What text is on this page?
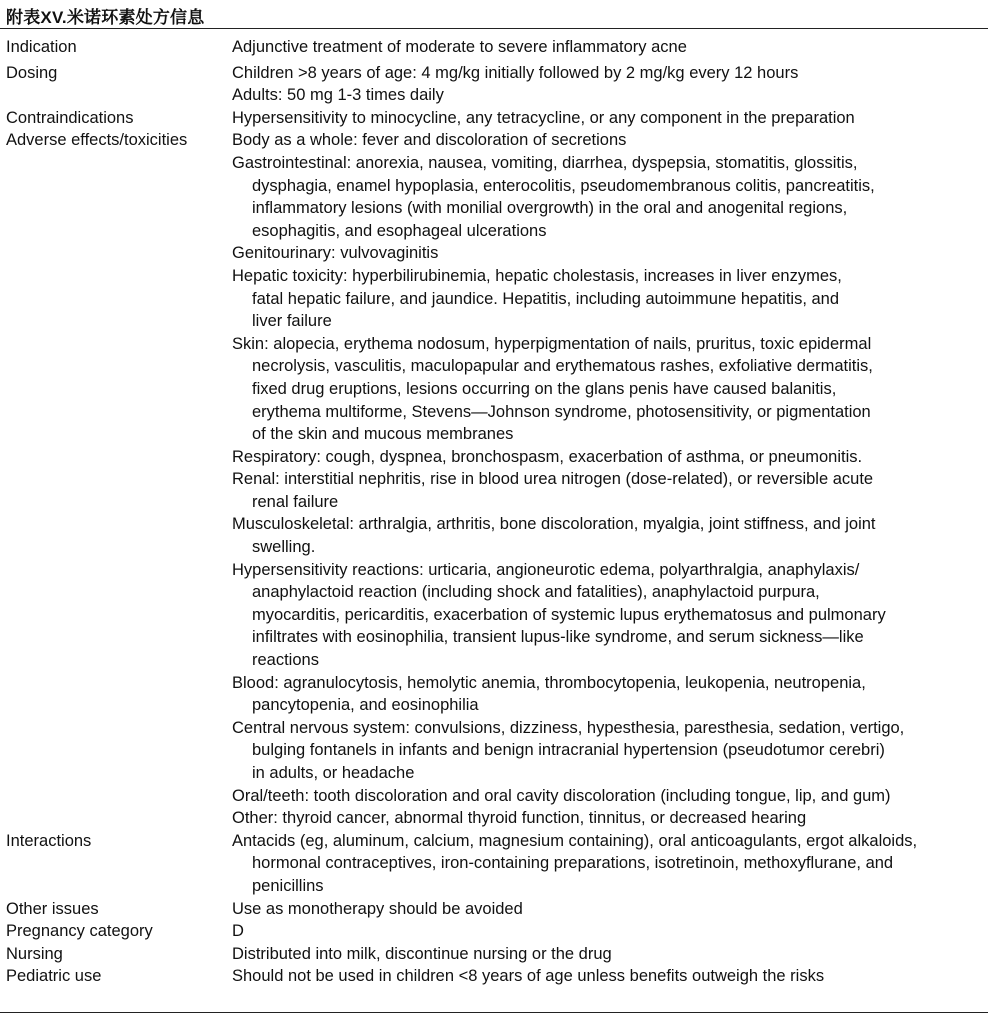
附表XV.米诺环素处方信息
Indication	Adjunctive treatment of moderate to severe inflammatory acne
Dosing	Children >8 years of age: 4 mg/kg initially followed by 2 mg/kg every 12 hours
Adults: 50 mg 1-3 times daily
Contraindications	Hypersensitivity to minocycline, any tetracycline, or any component in the preparation
Adverse effects/toxicities	Body as a whole: fever and discoloration of secretions
Gastrointestinal: anorexia, nausea, vomiting, diarrhea, dyspepsia, stomatitis, glossitis,
dysphagia, enamel hypoplasia, enterocolitis, pseudomembranous colitis, pancreatitis,
inflammatory lesions (with monilial overgrowth) in the oral and anogenital regions,
esophagitis, and esophageal ulcerations
Genitourinary: vulvovaginitis
Hepatic toxicity: hyperbilirubinemia, hepatic cholestasis, increases in liver enzymes,
fatal hepatic failure, and jaundice. Hepatitis, including autoimmune hepatitis, and
liver failure
Skin: alopecia, erythema nodosum, hyperpigmentation of nails, pruritus, toxic epidermal
necrolysis, vasculitis, maculopapular and erythematous rashes, exfoliative dermatitis,
fixed drug eruptions, lesions occurring on the glans penis have caused balanitis,
erythema multiforme, Stevens—Johnson syndrome, photosensitivity, or pigmentation
of the skin and mucous membranes
Respiratory: cough, dyspnea, bronchospasm, exacerbation of asthma, or pneumonitis.
Renal: interstitial nephritis, rise in blood urea nitrogen (dose-related), or reversible acute
renal failure
Musculoskeletal: arthralgia, arthritis, bone discoloration, myalgia, joint stiffness, and joint
swelling.
Hypersensitivity reactions: urticaria, angioneurotic edema, polyarthralgia, anaphylaxis/
anaphylactoid reaction (including shock and fatalities), anaphylactoid purpura,
myocarditis, pericarditis, exacerbation of systemic lupus erythematosus and pulmonary
infiltrates with eosinophilia, transient lupus-like syndrome, and serum sickness—like
reactions
Blood: agranulocytosis, hemolytic anemia, thrombocytopenia, leukopenia, neutropenia,
pancytopenia, and eosinophilia
Central nervous system: convulsions, dizziness, hypesthesia, paresthesia, sedation, vertigo,
bulging fontanels in infants and benign intracranial hypertension (pseudotumor cerebri)
in adults, or headache
Oral/teeth: tooth discoloration and oral cavity discoloration (including tongue, lip, and gum)
Other: thyroid cancer, abnormal thyroid function, tinnitus, or decreased hearing
Interactions	Antacids (eg, aluminum, calcium, magnesium containing), oral anticoagulants, ergot alkaloids,
hormonal contraceptives, iron-containing preparations, isotretinoin, methoxyflurane, and
penicillins
Other issues	Use as monotherapy should be avoided
Pregnancy category	D
Nursing	Distributed into milk, discontinue nursing or the drug
Pediatric use	Should not be used in children <8 years of age unless benefits outweigh the risks
